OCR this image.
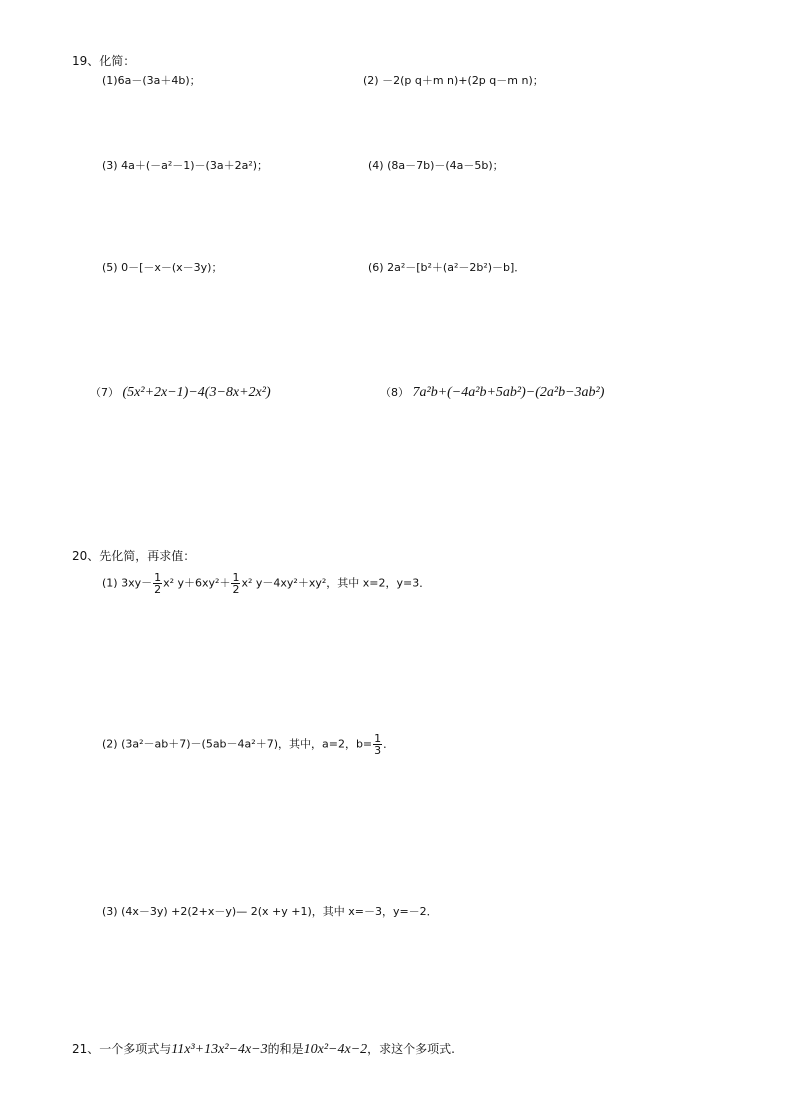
19、化简：
(1)6a－(3a＋4b)；	(2) －2(p q＋m n)+(2p q－m n)；
(3) 4a＋(－a²－1)－(3a＋2a²)；	(4) (8a－7b)－(4a－5b)；
(5) 0－[－x－(x－3y)；	(6) 2a²－[b²＋(a²－2b²)－b]．
（7） (5x²+2x−1)−4(3−8x+2x²)	（8） 7a²b+(−4a²b+5ab²)−(2a²b−3ab²)
20、先化简，再求值：
(1) $3xy- \frac{1}{2} x^2$ $y+6xy^2+ \frac{1}{2} x^2$ y－4xy²＋xy²，其中 x=2，y=3．
(2) (3a²－ab＋7)－(5ab－4a²＋7)，其中，a=2，$b= \frac{1}{3}$ ．
(3) (4x－3y) +2(2+x－y)— 2(x +y +1)，其中 x=－3，y=－2．
21、一个多项式与11x³+13x²−4x−3的和是10x²−4x−2，求这个多项式.
